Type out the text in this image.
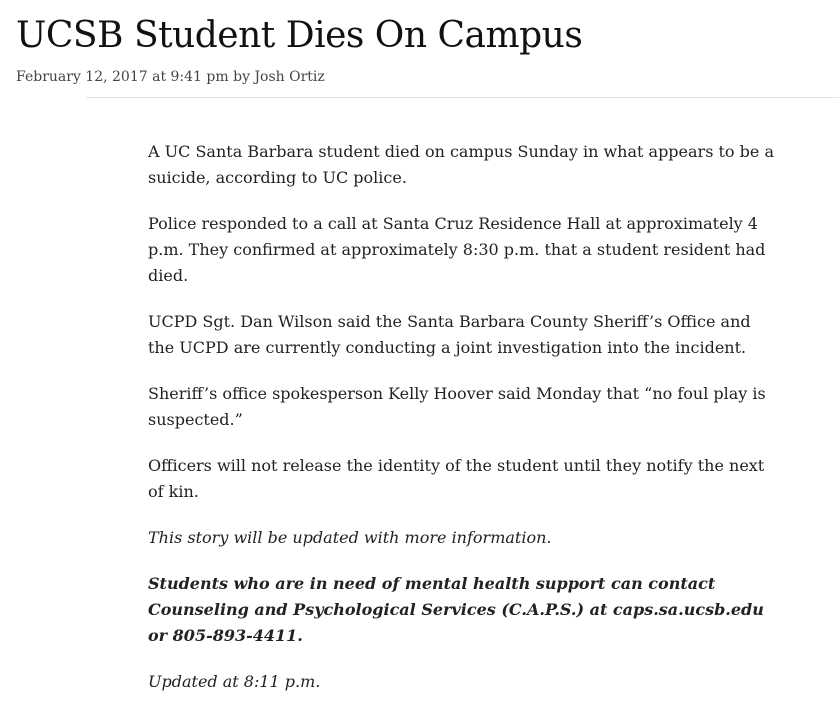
UCSB Student Dies On Campus
February 12, 2017 at 9:41 pm by Josh Ortiz

A UC Santa Barbara student died on campus Sunday in what appears to be a suicide, according to UC police.

Police responded to a call at Santa Cruz Residence Hall at approximately 4 p.m. They confirmed at approximately 8:30 p.m. that a student resident had died.

UCPD Sgt. Dan Wilson said the Santa Barbara County Sheriff’s Office and the UCPD are currently conducting a joint investigation into the incident.

Sheriff’s office spokesperson Kelly Hoover said Monday that “no foul play is suspected.”

Officers will not release the identity of the student until they notify the next of kin.

This story will be updated with more information.

Students who are in need of mental health support can contact Counseling and Psychological Services (C.A.P.S.) at caps.sa.ucsb.edu or 805-893-4411.

Updated at 8:11 p.m.
